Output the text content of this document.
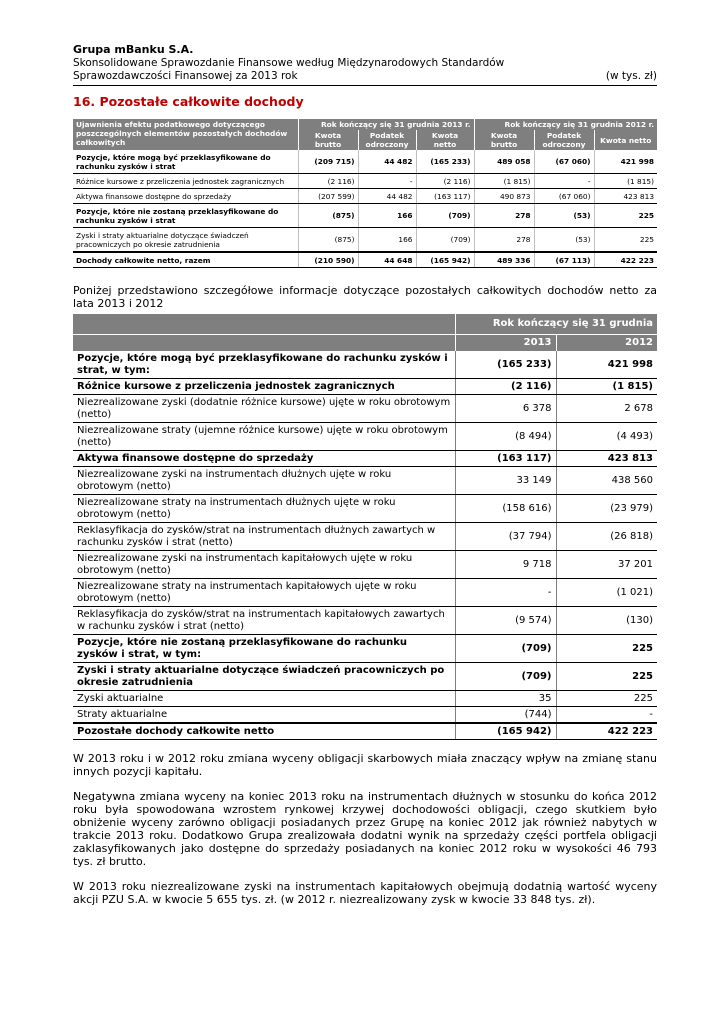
Grupa mBanku S.A.
Skonsolidowane Sprawozdanie Finansowe według Międzynarodowych Standardów
Sprawozdawczości Finansowej za 2013 rok	(w tys. zł)
16. Pozostałe całkowite dochody
Ujawnienia efektu podatkowego dotyczącego poszczególnych elementów pozostałych dochodów całkowitych	Rok kończący się 31 grudnia 2013 r.			Rok kończący się 31 grudnia 2012 r.		
	Kwota brutto	Podatek odroczony	Kwota netto	Kwota brutto	Podatek odroczony	Kwota netto
Pozycje, które mogą być przeklasyfikowane do rachunku zysków i strat	(209 715)	44 482	(165 233)	489 058	(67 060)	421 998
Różnice kursowe z przeliczenia jednostek zagranicznych	(2 116)	-	(2 116)	(1 815)	-	(1 815)
Aktywa finansowe dostępne do sprzedaży	(207 599)	44 482	(163 117)	490 873	(67 060)	423 813
Pozycje, które nie zostaną przeklasyfikowane do rachunku zysków i strat	(875)	166	(709)	278	(53)	225
Zyski i straty aktuarialne dotyczące świadczeń pracowniczych po okresie zatrudnienia	(875)	166	(709)	278	(53)	225
Dochody całkowite netto, razem	(210 590)	44 648	(165 942)	489 336	(67 113)	422 223
Poniżej przedstawiono szczegółowe informacje dotyczące pozostałych całkowitych dochodów netto za lata 2013 i 2012
	Rok kończący się 31 grudnia	
	2013	2012
Pozycje, które mogą być przeklasyfikowane do rachunku zysków i strat, w tym:	(165 233)	421 998
Różnice kursowe z przeliczenia jednostek zagranicznych	(2 116)	(1 815)
Niezrealizowane zyski (dodatnie różnice kursowe) ujęte w roku obrotowym (netto)	6 378	2 678
Niezrealizowane straty (ujemne różnice kursowe) ujęte w roku obrotowym (netto)	(8 494)	(4 493)
Aktywa finansowe dostępne do sprzedaży	(163 117)	423 813
Niezrealizowane zyski na instrumentach dłużnych ujęte w roku obrotowym (netto)	33 149	438 560
Niezrealizowane straty na instrumentach dłużnych ujęte w roku obrotowym (netto)	(158 616)	(23 979)
Reklasyfikacja do zysków/strat na instrumentach dłużnych zawartych w rachunku zysków i strat (netto)	(37 794)	(26 818)
Niezrealizowane zyski na instrumentach kapitałowych ujęte w roku obrotowym (netto)	9 718	37 201
Niezrealizowane straty na instrumentach kapitałowych ujęte w roku obrotowym (netto)	-	(1 021)
Reklasyfikacja do zysków/strat na instrumentach kapitałowych zawartych w rachunku zysków i strat (netto)	(9 574)	(130)
Pozycje, które nie zostaną przeklasyfikowane do rachunku zysków i strat, w tym:	(709)	225
Zyski i straty aktuarialne dotyczące świadczeń pracowniczych po okresie zatrudnienia	(709)	225
Zyski aktuarialne	35	225
Straty aktuarialne	(744)	-
Pozostałe dochody całkowite netto	(165 942)	422 223
W 2013 roku i w 2012 roku zmiana wyceny obligacji skarbowych miała znaczący wpływ na zmianę stanu innych pozycji kapitału.
Negatywna zmiana wyceny na koniec 2013 roku na instrumentach dłużnych w stosunku do końca 2012 roku była spowodowana wzrostem rynkowej krzywej dochodowości obligacji, czego skutkiem było obniżenie wyceny zarówno obligacji posiadanych przez Grupę na koniec 2012 jak również nabytych w trakcie 2013 roku. Dodatkowo Grupa zrealizowała dodatni wynik na sprzedaży części portfela obligacji zaklasyfikowanych jako dostępne do sprzedaży posiadanych na koniec 2012 roku w wysokości 46 793 tys. zł brutto.
W 2013 roku niezrealizowane zyski na instrumentach kapitałowych obejmują dodatnią wartość wyceny akcji PZU S.A. w kwocie 5 655 tys. zł. (w 2012 r. niezrealizowany zysk w kwocie 33 848 tys. zł).
